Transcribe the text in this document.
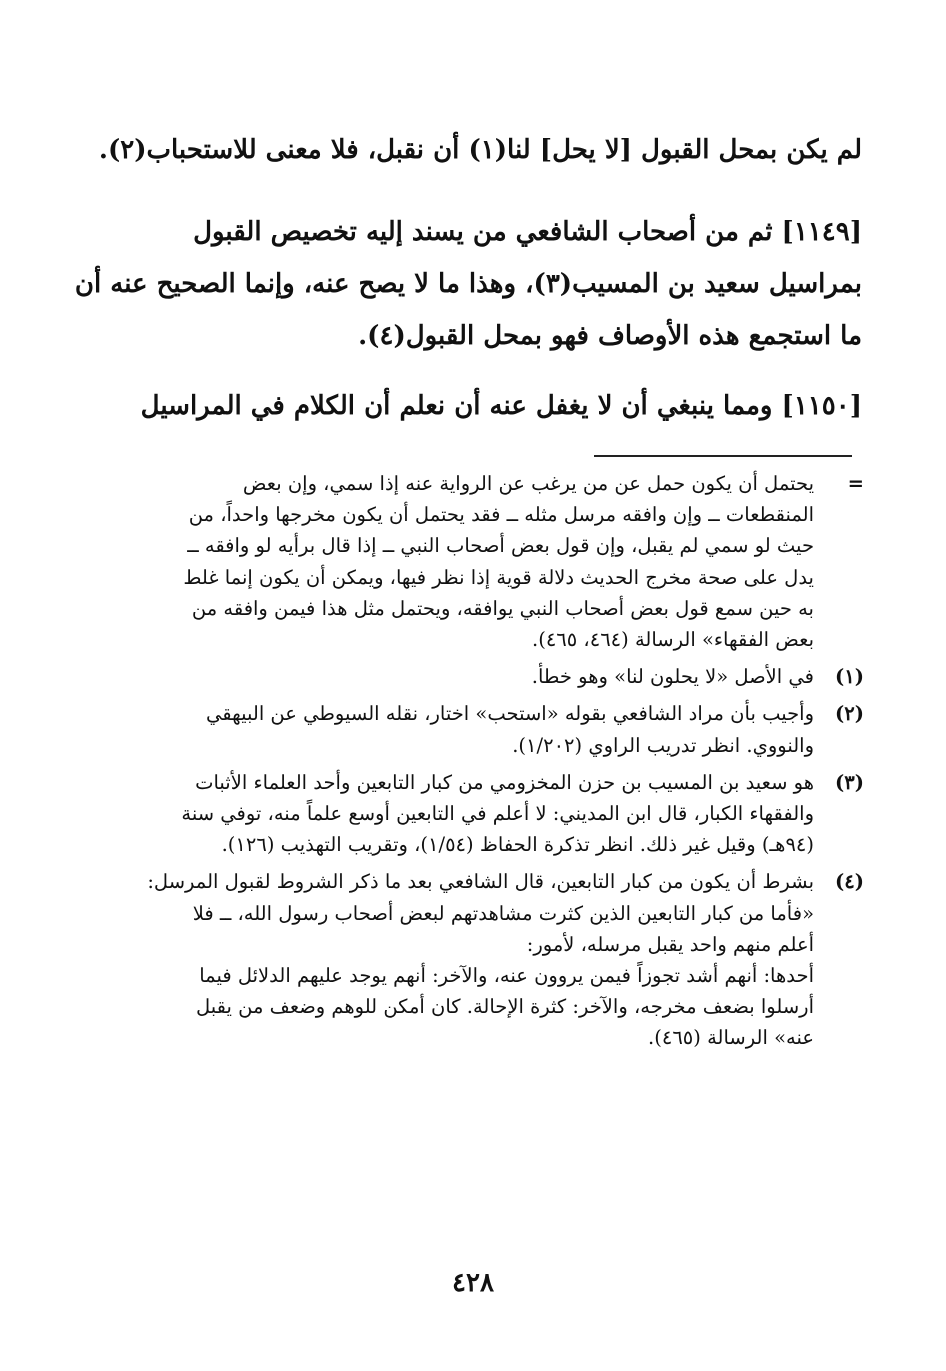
لم يكن بمحل القبول [لا يحل] لنا(١) أن نقبل، فلا معنى للاستحباب(٢).
[١١٤٩] ثم من أصحاب الشافعي من يسند إليه تخصيص القبول
بمراسيل سعيد بن المسيب(٣)، وهذا ما لا يصح عنه، وإنما الصحيح عنه أن
ما استجمع هذه الأوصاف فهو بمحل القبول(٤).
[١١٥٠] ومما ينبغي أن لا يغفل عنه أن نعلم أن الكلام في المراسيل
=
يحتمل أن يكون حمل عن من يرغب عن الرواية عنه إذا سمي، وإن بعض
المنقطعات ــ وإن وافقه مرسل مثله ــ فقد يحتمل أن يكون مخرجها واحداً، من
حيث لو سمي لم يقبل، وإن قول بعض أصحاب النبي ــ إذا قال برأيه لو وافقه ــ
يدل على صحة مخرج الحديث دلالة قوية إذا نظر فيها، ويمكن أن يكون إنما غلط
به حين سمع قول بعض أصحاب النبي يوافقه، ويحتمل مثل هذا فيمن وافقه من
بعض الفقهاء» الرسالة (٤٦٤، ٤٦٥).
(١)
في الأصل «لا يحلون لنا» وهو خطأ.
(٢)
وأجيب بأن مراد الشافعي بقوله «استحب» اختار، نقله السيوطي عن البيهقي
والنووي. انظر تدريب الراوي (١/٢٠٢).
(٣)
هو سعيد بن المسيب بن حزن المخزومي من كبار التابعين وأحد العلماء الأثبات
والفقهاء الكبار، قال ابن المديني: لا أعلم في التابعين أوسع علماً منه، توفي سنة
(٩٤هـ) وقيل غير ذلك. انظر تذكرة الحفاظ (١/٥٤)، وتقريب التهذيب (١٢٦).
(٤)
بشرط أن يكون من كبار التابعين، قال الشافعي بعد ما ذكر الشروط لقبول المرسل:
«فأما من كبار التابعين الذين كثرت مشاهدتهم لبعض أصحاب رسول الله، ــ فلا
أعلم منهم واحد يقبل مرسله، لأمور:
أحدها: أنهم أشد تجوزاً فيمن يروون عنه، والآخر: أنهم يوجد عليهم الدلائل فيما
أرسلوا بضعف مخرجه، والآخر: كثرة الإحالة. كان أمكن للوهم وضعف من يقبل
عنه» الرسالة (٤٦٥).
٤٢٨
